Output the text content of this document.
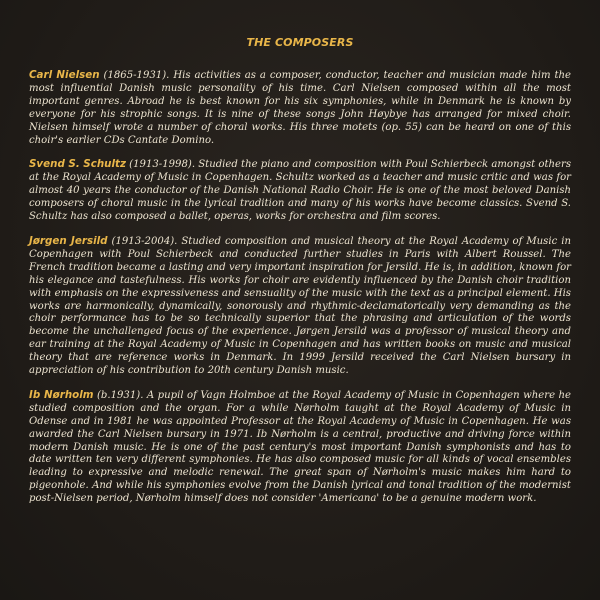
THE COMPOSERS

Carl Nielsen (1865-1931). His activities as a composer, conductor, teacher and musician made him the most influential Danish music personality of his time. Carl Nielsen composed within all the most important genres. Abroad he is best known for his six symphonies, while in Denmark he is known by everyone for his strophic songs. It is nine of these songs John Høybye has arranged for mixed choir. Nielsen himself wrote a number of choral works. His three motets (op. 55) can be heard on one of this choir's earlier CDs Cantate Domino.

Svend S. Schultz (1913-1998). Studied the piano and composition with Poul Schierbeck amongst others at the Royal Academy of Music in Copenhagen. Schultz worked as a teacher and music critic and was for almost 40 years the conductor of the Danish National Radio Choir. He is one of the most beloved Danish composers of choral music in the lyrical tradition and many of his works have become classics. Svend S. Schultz has also composed a ballet, operas, works for orchestra and film scores.

Jørgen Jersild (1913-2004). Studied composition and musical theory at the Royal Academy of Music in Copenhagen with Poul Schierbeck and conducted further studies in Paris with Albert Roussel. The French tradition became a lasting and very important inspiration for Jersild. He is, in addition, known for his elegance and tastefulness. His works for choir are evidently influenced by the Danish choir tradition with emphasis on the expressiveness and sensuality of the music with the text as a principal element. His works are harmonically, dynamically, sonorously and rhythmic-declamatorically very demanding as the choir performance has to be so technically superior that the phrasing and articulation of the words become the unchallenged focus of the experience. Jørgen Jersild was a professor of musical theory and ear training at the Royal Academy of Music in Copenhagen and has written books on music and musical theory that are reference works in Denmark. In 1999 Jersild received the Carl Nielsen bursary in appreciation of his contribution to 20th century Danish music.

Ib Nørholm (b.1931). A pupil of Vagn Holmboe at the Royal Academy of Music in Copenhagen where he studied composition and the organ. For a while Nørholm taught at the Royal Academy of Music in Odense and in 1981 he was appointed Professor at the Royal Academy of Music in Copenhagen. He was awarded the Carl Nielsen bursary in 1971. Ib Nørholm is a central, productive and driving force within modern Danish music. He is one of the past century's most important Danish symphonists and has to date written ten very different symphonies. He has also composed music for all kinds of vocal ensembles leading to expressive and melodic renewal. The great span of Nørholm's music makes him hard to pigeonhole. And while his symphonies evolve from the Danish lyrical and tonal tradition of the modernist post-Nielsen period, Nørholm himself does not consider 'Americana' to be a genuine modern work.
